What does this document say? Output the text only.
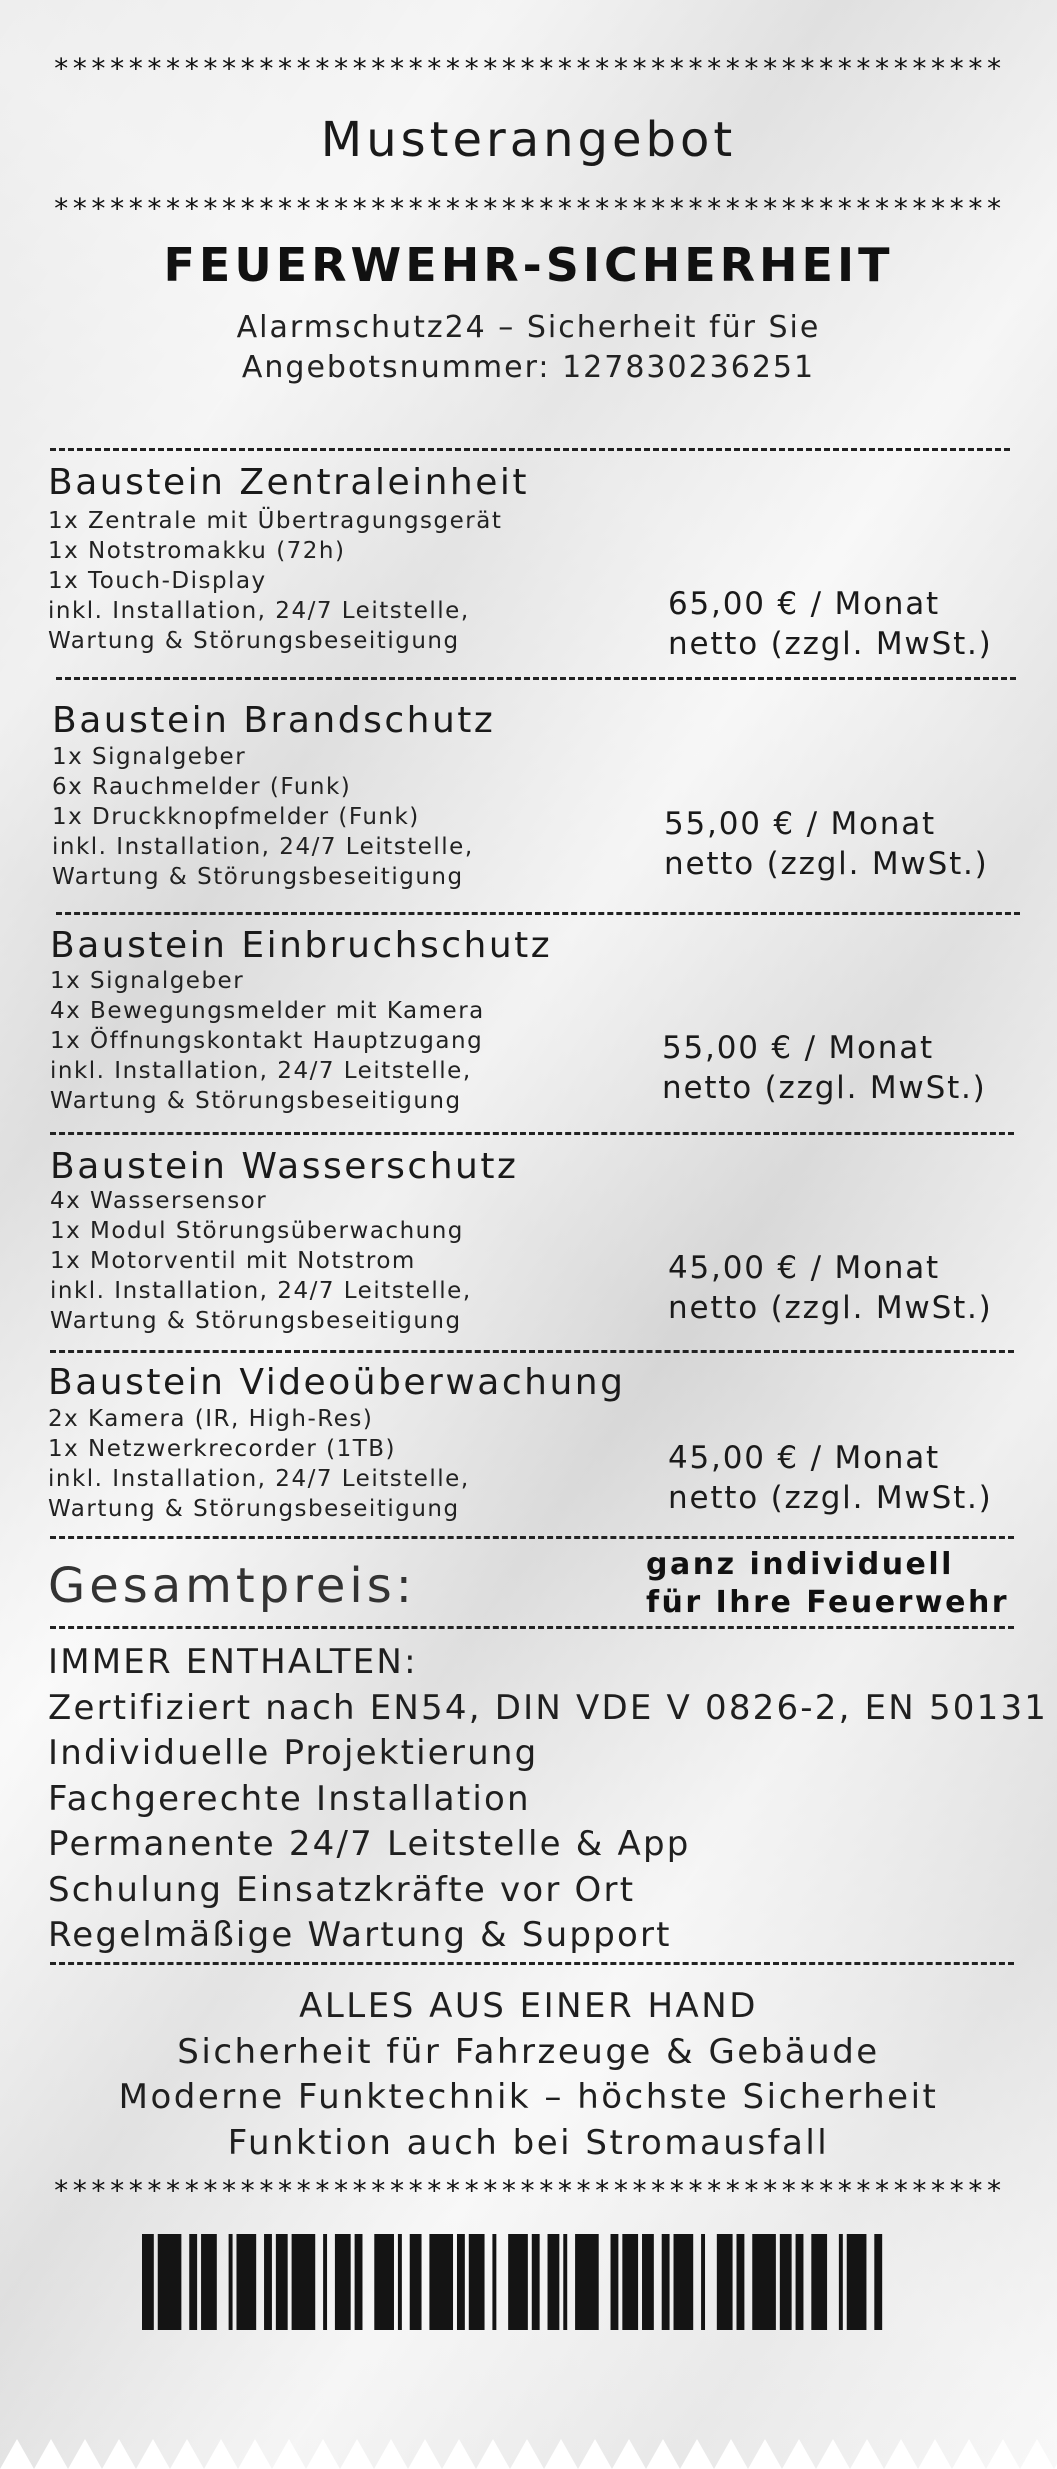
***************************************************
Musterangebot
***************************************************
FEUERWEHR-SICHERHEIT
Alarmschutz24 – Sicherheit für Sie
Angebotsnummer: 127830236251
Baustein Zentraleinheit
1x Zentrale mit Übertragungsgerät
1x Notstromakku (72h)
1x Touch-Display
inkl. Installation, 24/7 Leitstelle,
Wartung & Störungsbeseitigung
65,00 € / Monat
netto (zzgl. MwSt.)
Baustein Brandschutz
1x Signalgeber
6x Rauchmelder (Funk)
1x Druckknopfmelder (Funk)
inkl. Installation, 24/7 Leitstelle,
Wartung & Störungsbeseitigung
55,00 € / Monat
netto (zzgl. MwSt.)
Baustein Einbruchschutz
1x Signalgeber
4x Bewegungsmelder mit Kamera
1x Öffnungskontakt Hauptzugang
inkl. Installation, 24/7 Leitstelle,
Wartung & Störungsbeseitigung
55,00 € / Monat
netto (zzgl. MwSt.)
Baustein Wasserschutz
4x Wassersensor
1x Modul Störungsüberwachung
1x Motorventil mit Notstrom
inkl. Installation, 24/7 Leitstelle,
Wartung & Störungsbeseitigung
45,00 € / Monat
netto (zzgl. MwSt.)
Baustein Videoüberwachung
2x Kamera (IR, High-Res)
1x Netzwerkrecorder (1TB)
inkl. Installation, 24/7 Leitstelle,
Wartung & Störungsbeseitigung
45,00 € / Monat
netto (zzgl. MwSt.)
Gesamtpreis:	ganz individuell
für Ihre Feuerwehr
IMMER ENTHALTEN:
Zertifiziert nach EN54, DIN VDE V 0826-2, EN 50131
Individuelle Projektierung
Fachgerechte Installation
Permanente 24/7 Leitstelle & App
Schulung Einsatzkräfte vor Ort
Regelmäßige Wartung & Support
ALLES AUS EINER HAND
Sicherheit für Fahrzeuge & Gebäude
Moderne Funktechnik – höchste Sicherheit
Funktion auch bei Stromausfall
***************************************************
